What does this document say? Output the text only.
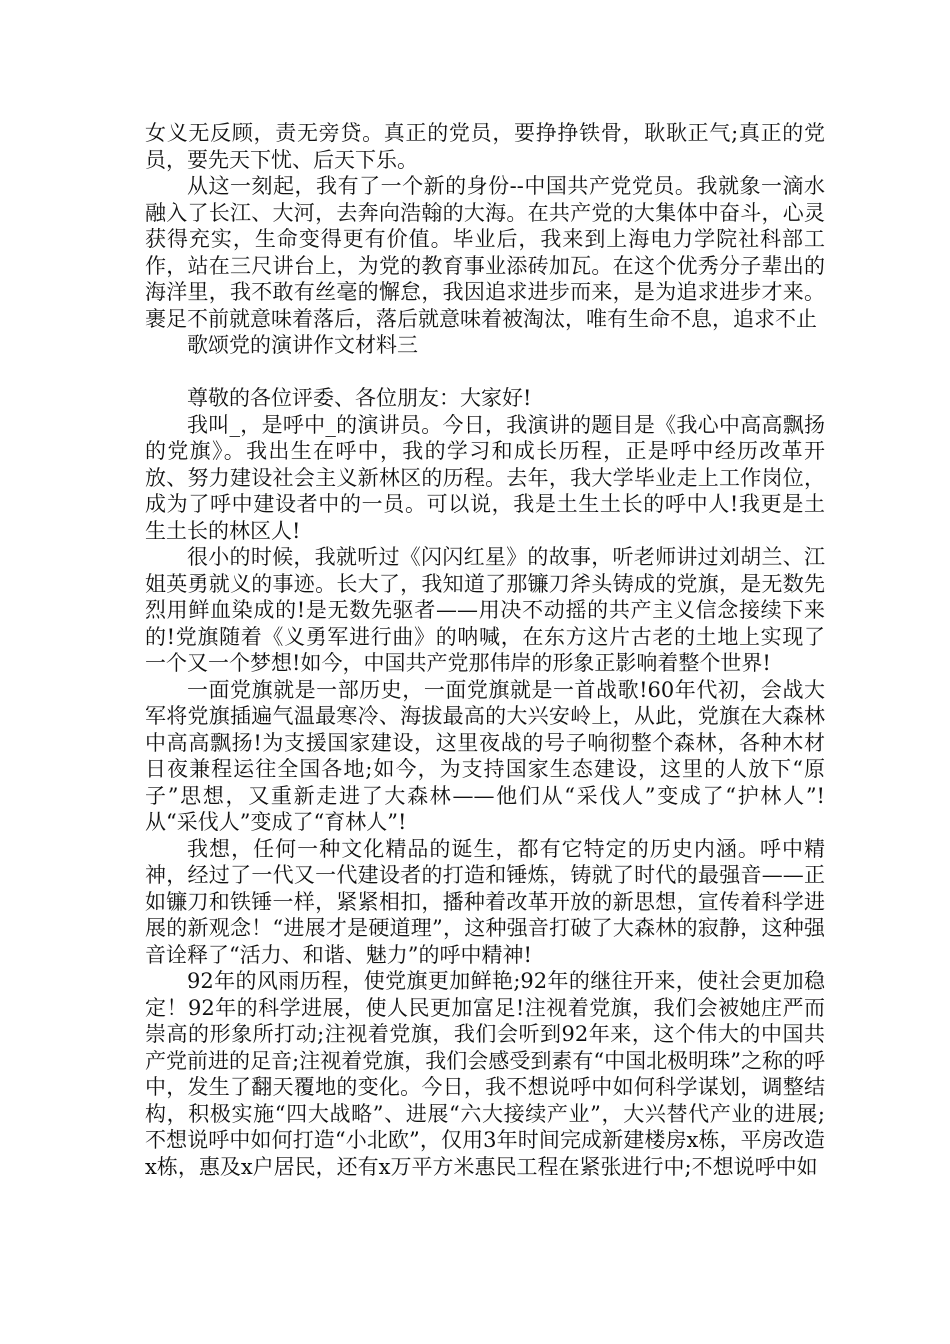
女义无反顾，责无旁贷。真正的党员，要挣挣铁骨，耿耿正气;真正的党员，要先天下忧、后天下乐。

从这一刻起，我有了一个新的身份--中国共产党党员。我就象一滴水融入了长江、大河，去奔向浩翰的大海。在共产党的大集体中奋斗，心灵获得充实，生命变得更有价值。毕业后，我来到上海电力学院社科部工作，站在三尺讲台上，为党的教育事业添砖加瓦。在这个优秀分子辈出的海洋里，我不敢有丝毫的懈怠，我因追求进步而来，是为追求进步才来。裹足不前就意味着落后，落后就意味着被淘汰，唯有生命不息，追求不止

歌颂党的演讲作文材料三

尊敬的各位评委、各位朋友：大家好!

我叫_，是呼中_的演讲员。今日，我演讲的题目是《我心中高高飘扬的党旗》。我出生在呼中，我的学习和成长历程，正是呼中经历改革开放、努力建设社会主义新林区的历程。去年，我大学毕业走上工作岗位，成为了呼中建设者中的一员。可以说，我是土生土长的呼中人!我更是土生土长的林区人!

很小的时候，我就听过《闪闪红星》的故事，听老师讲过刘胡兰、江姐英勇就义的事迹。长大了，我知道了那镰刀斧头铸成的党旗，是无数先烈用鲜血染成的!是无数先驱者——用决不动摇的共产主义信念接续下来的!党旗随着《义勇军进行曲》的呐喊，在东方这片古老的土地上实现了一个又一个梦想!如今，中国共产党那伟岸的形象正影响着整个世界!

一面党旗就是一部历史，一面党旗就是一首战歌!60年代初，会战大军将党旗插遍气温最寒冷、海拔最高的大兴安岭上，从此，党旗在大森林中高高飘扬!为支援国家建设，这里夜战的号子响彻整个森林，各种木材日夜兼程运往全国各地;如今，为支持国家生态建设，这里的人放下“原子”思想，又重新走进了大森林——他们从“采伐人”变成了“护林人”!从“采伐人”变成了“育林人”!

我想，任何一种文化精品的诞生，都有它特定的历史内涵。呼中精神，经过了一代又一代建设者的打造和锤炼，铸就了时代的最强音——正如镰刀和铁锤一样，紧紧相扣，播种着改革开放的新思想，宣传着科学进展的新观念！“进展才是硬道理”，这种强音打破了大森林的寂静，这种强音诠释了“活力、和谐、魅力”的呼中精神!

92年的风雨历程，使党旗更加鲜艳;92年的继往开来，使社会更加稳定！92年的科学进展，使人民更加富足!注视着党旗，我们会被她庄严而崇高的形象所打动;注视着党旗，我们会听到92年来，这个伟大的中国共产党前进的足音;注视着党旗，我们会感受到素有“中国北极明珠”之称的呼中，发生了翻天覆地的变化。今日，我不想说呼中如何科学谋划，调整结构，积极实施“四大战略”、进展“六大接续产业”，大兴替代产业的进展;不想说呼中如何打造“小北欧”，仅用3年时间完成新建楼房x栋，平房改造x栋，惠及x户居民，还有x万平方米惠民工程在紧张进行中;不想说呼中如
